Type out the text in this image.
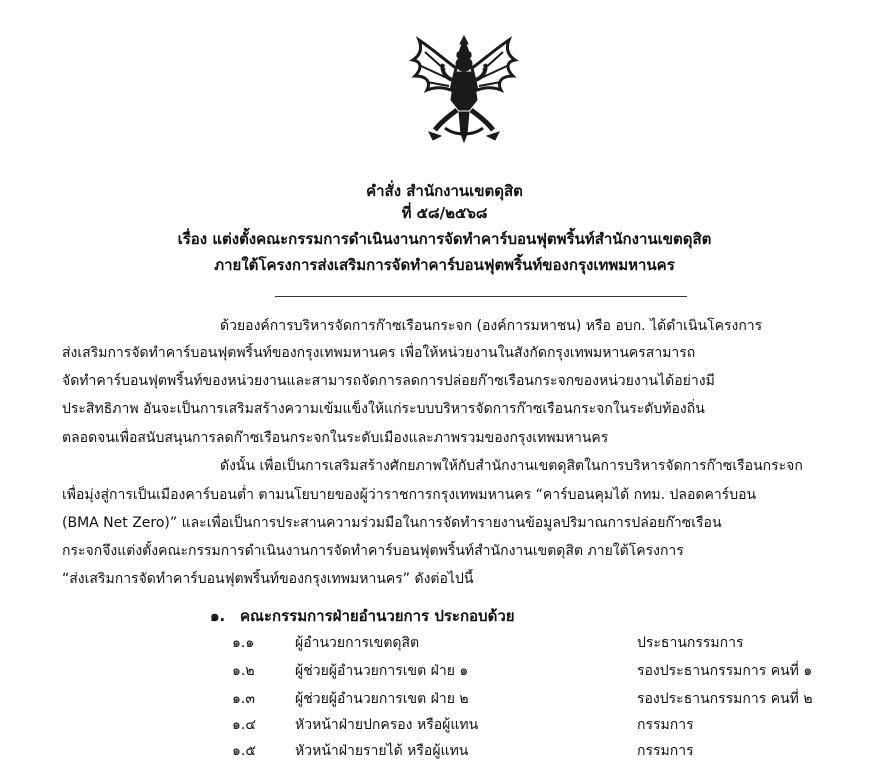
คำสั่ง สำนักงานเขตดุสิต
ที่ ๕๘/๒๕๖๘
เรื่อง แต่งตั้งคณะกรรมการดำเนินงานการจัดทำคาร์บอนฟุตพริ้นท์สำนักงานเขตดุสิต
ภายใต้โครงการส่งเสริมการจัดทำคาร์บอนฟุตพริ้นท์ของกรุงเทพมหานคร
ด้วยองค์การบริหารจัดการก๊าซเรือนกระจก (องค์การมหาชน) หรือ อบก. ได้ดำเนินโครงการ
ส่งเสริมการจัดทำคาร์บอนฟุตพริ้นท์ของกรุงเทพมหานคร เพื่อให้หน่วยงานในสังกัดกรุงเทพมหานครสามารถ
จัดทำคาร์บอนฟุตพริ้นท์ของหน่วยงานและสามารถจัดการลดการปล่อยก๊าซเรือนกระจกของหน่วยงานได้อย่างมี
ประสิทธิภาพ อันจะเป็นการเสริมสร้างความเข้มแข็งให้แก่ระบบบริหารจัดการก๊าซเรือนกระจกในระดับท้องถิ่น
ตลอดจนเพื่อสนับสนุนการลดก๊าซเรือนกระจกในระดับเมืองและภาพรวมของกรุงเทพมหานคร
ดังนั้น เพื่อเป็นการเสริมสร้างศักยภาพให้กับสำนักงานเขตดุสิตในการบริหารจัดการก๊าซเรือนกระจก
เพื่อมุ่งสู่การเป็นเมืองคาร์บอนต่ำ ตามนโยบายของผู้ว่าราชการกรุงเทพมหานคร “คาร์บอนคุมได้ กทม. ปลอดคาร์บอน
(BMA Net Zero)” และเพื่อเป็นการประสานความร่วมมือในการจัดทำรายงานข้อมูลปริมาณการปล่อยก๊าซเรือน
กระจกจึงแต่งตั้งคณะกรรมการดำเนินงานการจัดทำคาร์บอนฟุตพริ้นท์สำนักงานเขตดุสิต ภายใต้โครงการ
“ส่งเสริมการจัดทำคาร์บอนฟุตพริ้นท์ของกรุงเทพมหานคร” ดังต่อไปนี้
๑. คณะกรรมการฝ่ายอำนวยการ ประกอบด้วย
๑.๑	ผู้อำนวยการเขตดุสิต	ประธานกรรมการ
๑.๒	ผู้ช่วยผู้อำนวยการเขต ฝ่าย ๑	รองประธานกรรมการ คนที่ ๑
๑.๓	ผู้ช่วยผู้อำนวยการเขต ฝ่าย ๒	รองประธานกรรมการ คนที่ ๒
๑.๔	หัวหน้าฝ่ายปกครอง หรือผู้แทน	กรรมการ
๑.๕	หัวหน้าฝ่ายรายได้ หรือผู้แทน	กรรมการ
